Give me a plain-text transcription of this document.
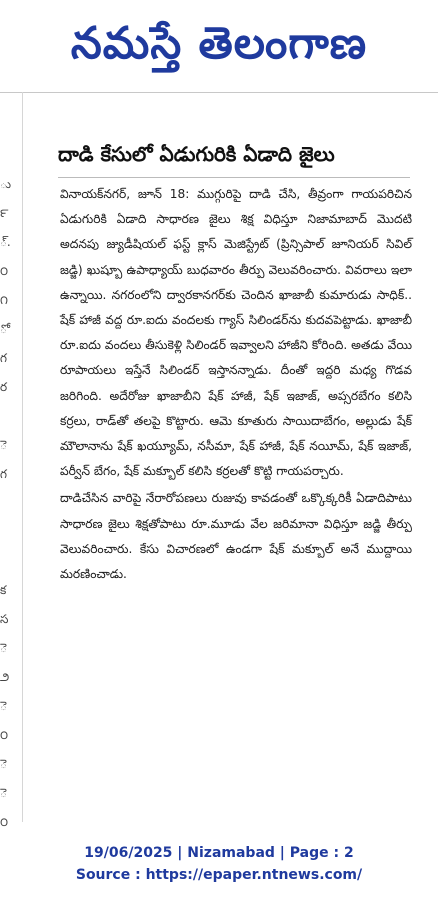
నమస్తే తెలంగాణ
ు
౯
్.
౦
౧
ో
గ
ర

ె
గ

క
స
ె
౨
ె
౦
ె
ె
౦

దాడి కేసులో ఏడుగురికి ఏడాది జైలు

వినాయక్‌నగర్, జూన్ 18: ముగ్గురిపై దాడి చేసి, తీవ్రంగా గాయపరిచిన ఏడుగురికి ఏడాది సాధారణ జైలు శిక్ష విధిస్తూ నిజామాబాద్ మొదటి అదనపు జ్యుడీషియల్ ఫస్ట్ క్లాస్ మెజిస్ట్రేట్ (ప్రిన్సిపాల్ జూనియర్ సివిల్ జడ్జి) ఖుష్బూ ఉపాధ్యాయ్ బుధవారం తీర్పు వెలువరించారు. వివరాలు ఇలా ఉన్నాయి. నగరంలోని ద్వారకానగర్‌కు చెందిన ఖాజాబీ కుమారుడు సాధిక్.. షేక్ హాజీ వద్ద రూ.ఐదు వందలకు గ్యాస్ సిలిండర్‌ను కుదవపెట్టాడు. ఖాజాబీ రూ.ఐదు వందలు తీసుకెళ్లి సిలిండర్ ఇవ్వాలని హాజీని కోరింది. అతడు వేయి రూపాయలు ఇస్తేనే సిలిండర్ ఇస్తానన్నాడు. దీంతో ఇద్దరి మధ్య గొడవ జరిగింది. అదేరోజు ఖాజాబీని షేక్ హాజీ, షేక్ ఇజాజ్, అప్సరబేగం కలిసి కర్రలు, రాడ్‌తో తలపై కొట్టారు. ఆమె కూతురు సాయిదాబేగం, అల్లుడు షేక్ మౌలానాను షేక్ ఖయ్యూమ్, నసీమా, షేక్ హాజీ, షేక్ నయీమ్, షేక్ ఇజాజ్, పర్వీన్ బేగం, షేక్ మక్బూల్ కలిసి కర్రలతో కొట్టి గాయపర్చారు.

దాడిచేసిన వారిపై నేరారోపణలు రుజువు కావడంతో ఒక్కొక్కరికీ ఏడాదిపాటు సాధారణ జైలు శిక్షతోపాటు రూ.మూడు వేల జరిమానా విధిస్తూ జడ్జి తీర్పు వెలువరించారు. కేసు విచారణలో ఉండగా షేక్ మక్బూల్ అనే ముద్దాయి మరణించాడు.

19/06/2025 | Nizamabad | Page : 2
Source : https://epaper.ntnews.com/
